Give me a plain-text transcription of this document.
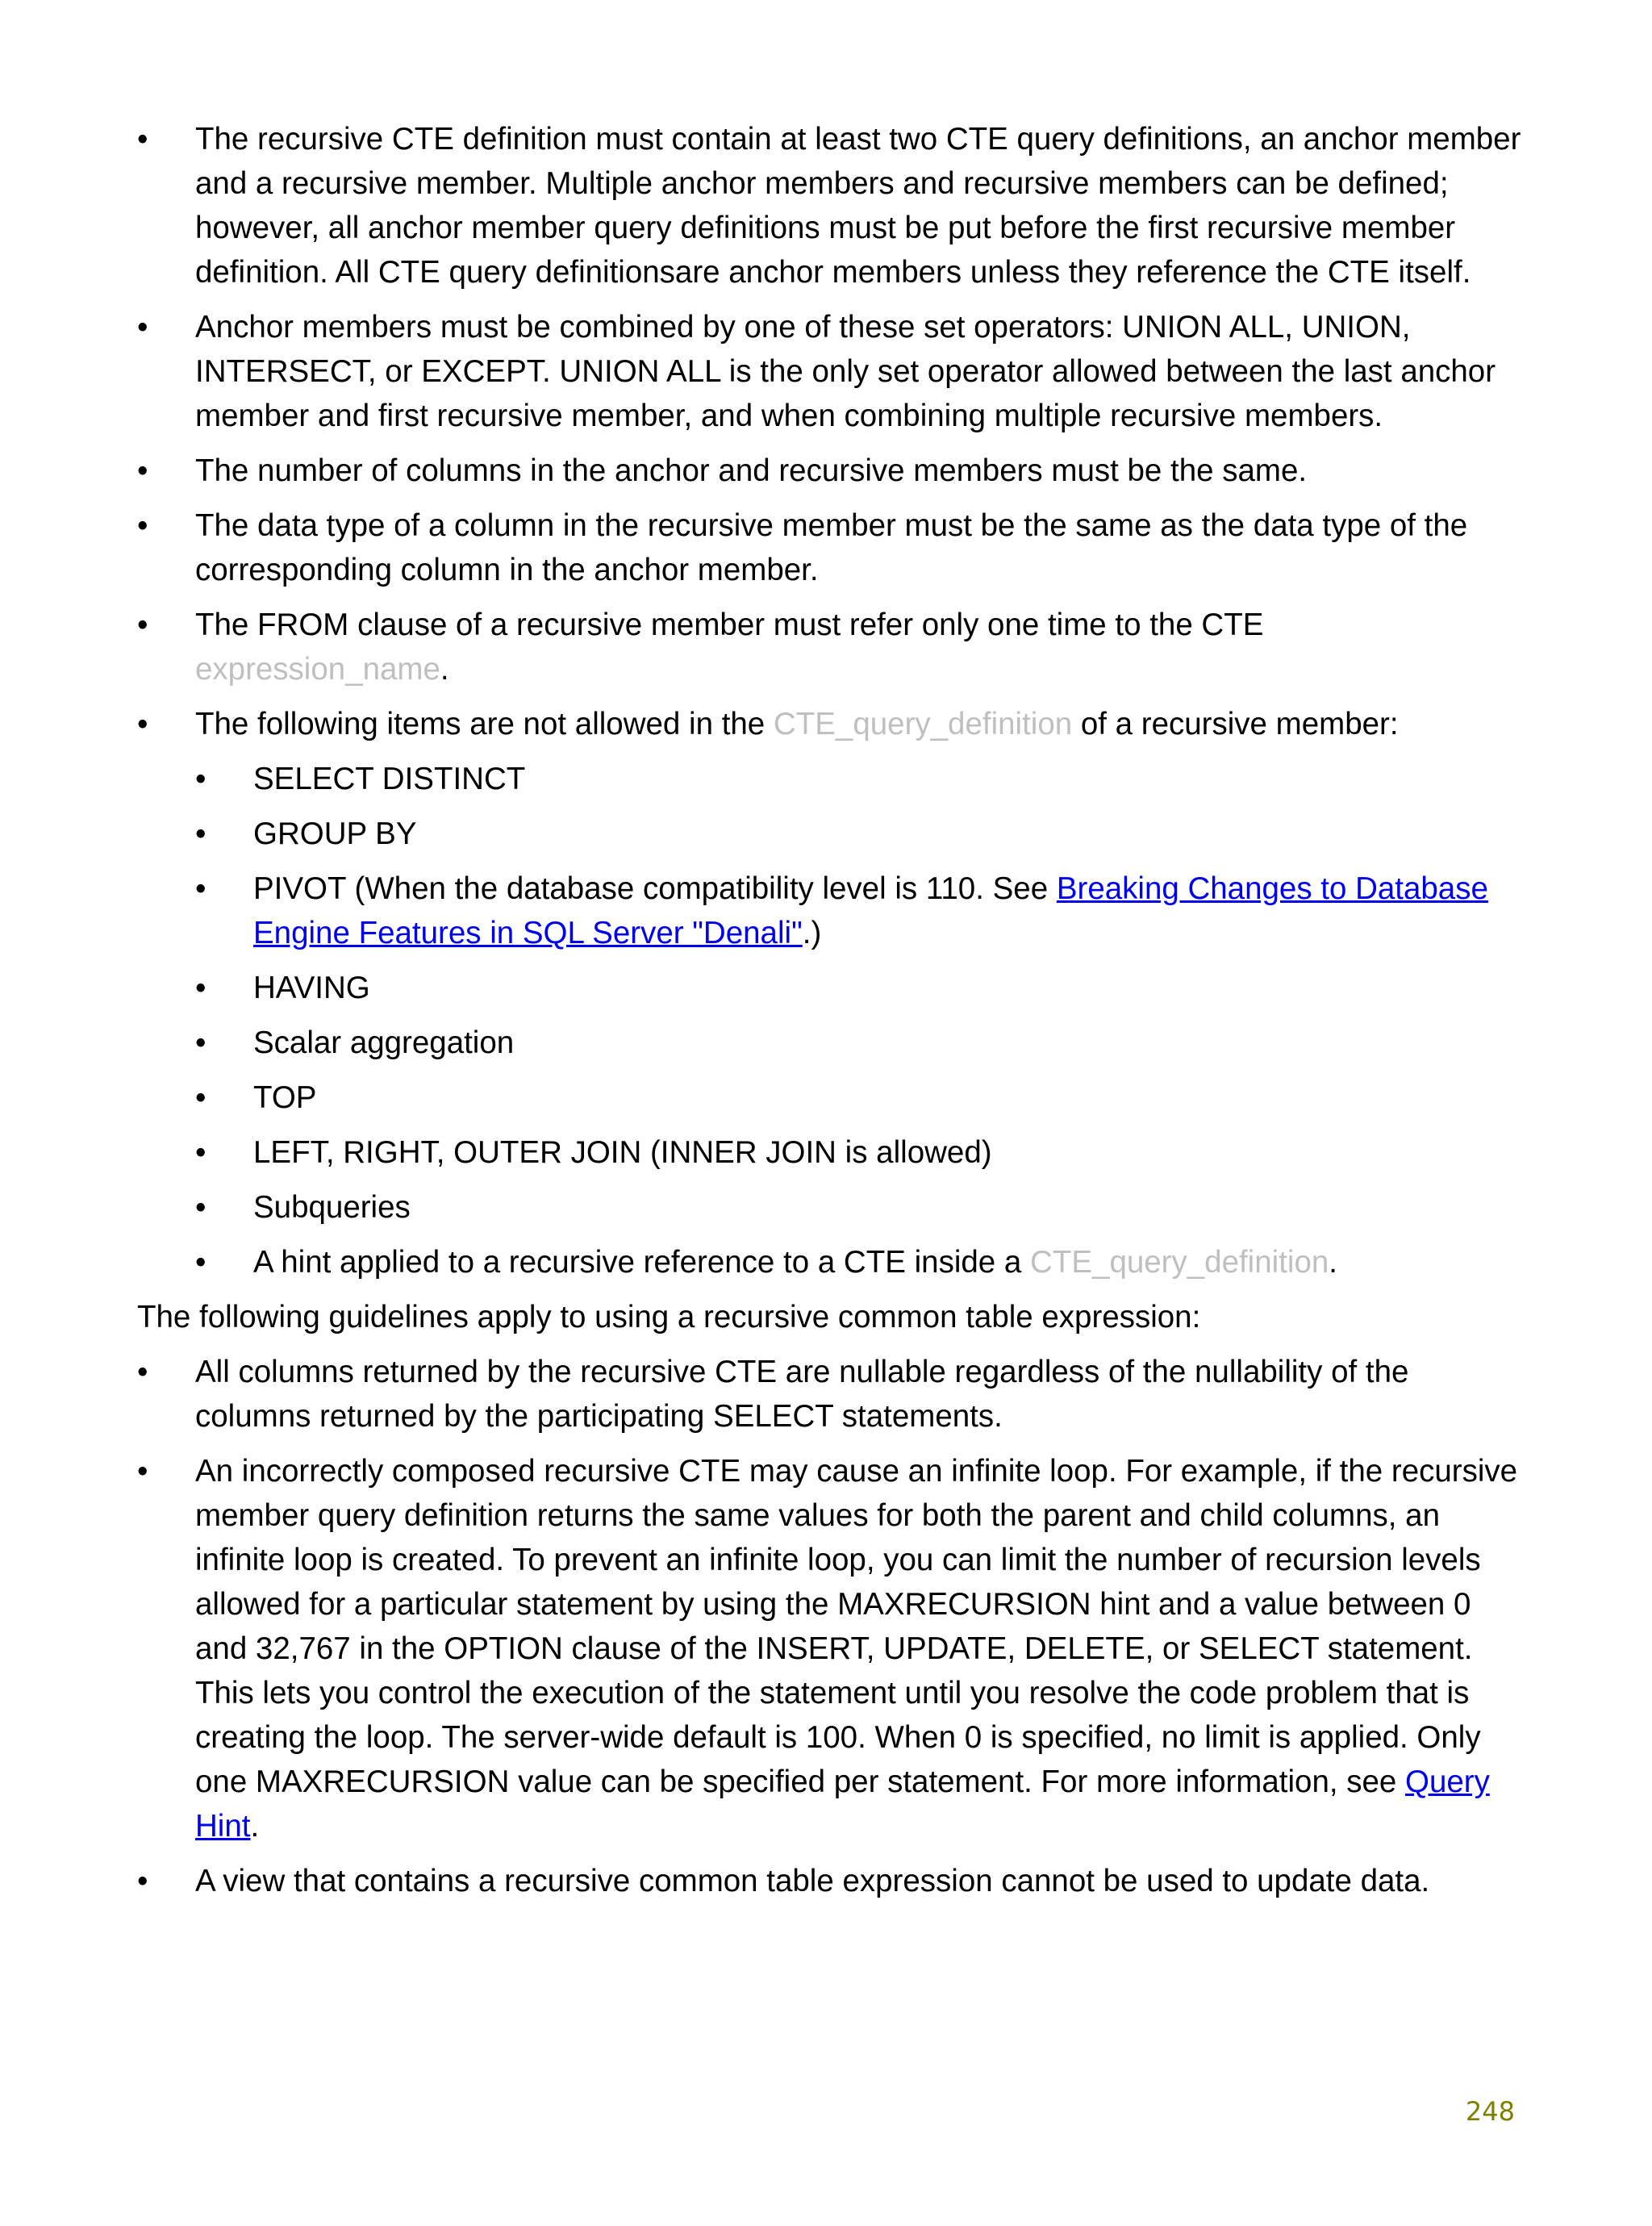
•	The recursive CTE definition must contain at least two CTE query definitions, an anchor member and a recursive member. Multiple anchor members and recursive members can be defined; however, all anchor member query definitions must be put before the first recursive member definition. All CTE query definitionsare anchor members unless they reference the CTE itself.
•	Anchor members must be combined by one of these set operators: UNION ALL, UNION, INTERSECT, or EXCEPT. UNION ALL is the only set operator allowed between the last anchor member and first recursive member, and when combining multiple recursive members.
•	The number of columns in the anchor and recursive members must be the same.
•	The data type of a column in the recursive member must be the same as the data type of the corresponding column in the anchor member.
•	The FROM clause of a recursive member must refer only one time to the CTE
expression_name.
•	The following items are not allowed in the CTE_query_definition of a recursive member:
• SELECT DISTINCT
• GROUP BY
• PIVOT (When the database compatibility level is 110. See Breaking Changes to Database Engine Features in SQL Server "Denali".)
• HAVING
• Scalar aggregation
• TOP
• LEFT, RIGHT, OUTER JOIN (INNER JOIN is allowed)
• Subqueries
• A hint applied to a recursive reference to a CTE inside a CTE_query_definition.

The following guidelines apply to using a recursive common table expression:

•	All columns returned by the recursive CTE are nullable regardless of the nullability of the columns returned by the participating SELECT statements.
•	An incorrectly composed recursive CTE may cause an infinite loop. For example, if the recursive member query definition returns the same values for both the parent and child columns, an infinite loop is created. To prevent an infinite loop, you can limit the number of recursion levels allowed for a particular statement by using the MAXRECURSION hint and a value between 0 and 32,767 in the OPTION clause of the INSERT, UPDATE, DELETE, or SELECT statement. This lets you control the execution of the statement until you resolve the code problem that is creating the loop. The server-wide default is 100. When 0 is specified, no limit is applied. Only one MAXRECURSION value can be specified per statement. For more information, see Query Hint.
•	A view that contains a recursive common table expression cannot be used to update data.
248
